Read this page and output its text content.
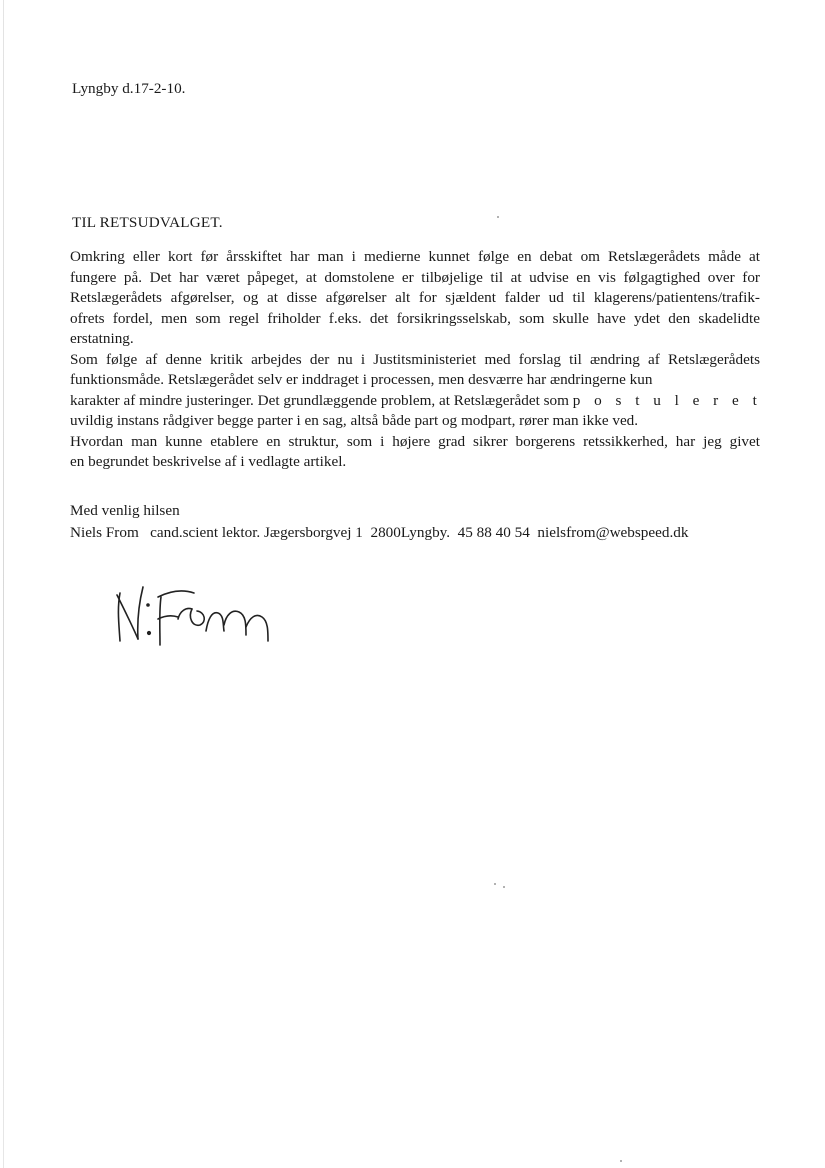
Lyngby d.17-2-10.
TIL RETSUDVALGET.
Omkring eller kort før årsskiftet har man i medierne kunnet følge en debat om Retslægerådets måde at
fungere på. Det har været påpeget, at domstolene er tilbøjelige til at udvise en vis følgagtighed over for
Retslægerådets afgørelser, og at disse afgørelser alt for sjældent falder ud til klagerens/patientens/trafik-
ofrets fordel, men som regel friholder f.eks. det forsikringsselskab, som skulle have ydet den skadelidte
erstatning.
Som følge af denne kritik arbejdes der nu i Justitsministeriet med forslag til ændring af Retslægerådets
funktionsmåde. Retslægerådet selv er inddraget i processen, men desværre har ændringerne kun
karakter af mindre justeringer. Det grundlæggende problem, at Retslægerådet som p o s t u l e r e t
uvildig instans rådgiver begge parter i en sag, altså både part og modpart, rører man ikke ved.
Hvordan man kunne etablere en struktur, som i højere grad sikrer borgerens retssikkerhed, har jeg givet
en begrundet beskrivelse af i vedlagte artikel.
Med venlig hilsen
Niels From   cand.scient lektor. Jægersborgvej 1  2800Lyngby.  45 88 40 54  nielsfrom@webspeed.dk
